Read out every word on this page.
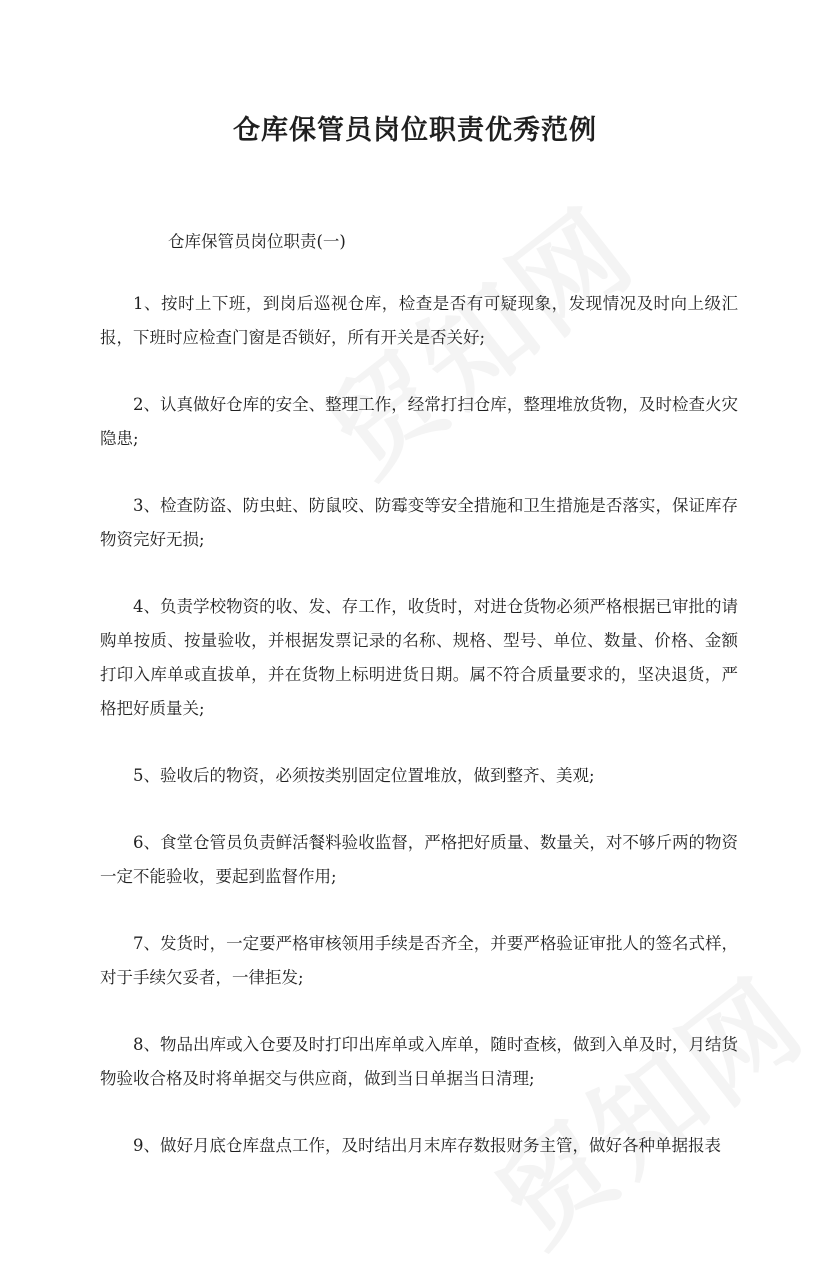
仓库保管员岗位职责优秀范例

仓库保管员岗位职责(一)

1、按时上下班，到岗后巡视仓库，检查是否有可疑现象，发现情况及时向上级汇报，下班时应检查门窗是否锁好，所有开关是否关好;

2、认真做好仓库的安全、整理工作，经常打扫仓库，整理堆放货物，及时检查火灾隐患;

3、检查防盗、防虫蛀、防鼠咬、防霉变等安全措施和卫生措施是否落实，保证库存物资完好无损;

4、负责学校物资的收、发、存工作，收货时，对进仓货物必须严格根据已审批的请购单按质、按量验收，并根据发票记录的名称、规格、型号、单位、数量、价格、金额打印入库单或直拔单，并在货物上标明进货日期。属不符合质量要求的，坚决退货，严格把好质量关;

5、验收后的物资，必须按类别固定位置堆放，做到整齐、美观;

6、食堂仓管员负责鲜活餐料验收监督，严格把好质量、数量关，对不够斤两的物资一定不能验收，要起到监督作用;

7、发货时，一定要严格审核领用手续是否齐全，并要严格验证审批人的签名式样，对于手续欠妥者，一律拒发;

8、物品出库或入仓要及时打印出库单或入库单，随时查核，做到入单及时，月结货物验收合格及时将单据交与供应商，做到当日单据当日清理;

9、做好月底仓库盘点工作，及时结出月末库存数报财务主管，做好各种单据报表
